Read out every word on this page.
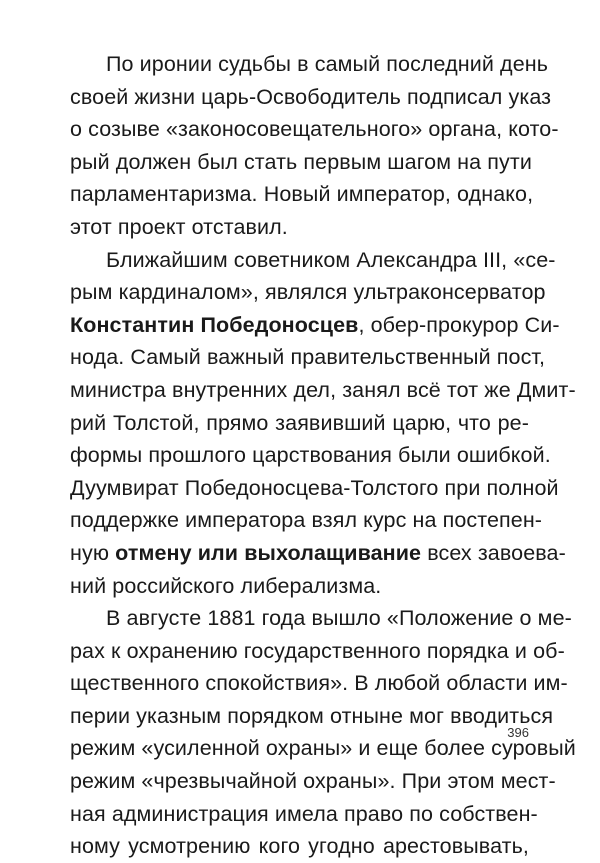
По иронии судьбы в самый последний день
своей жизни царь-Освободитель подписал указ
о созыве «законосовещательного» органа, кото-
рый должен был стать первым шагом на пути
парламентаризма. Новый император, однако,
этот проект отставил.
Ближайшим советником Александра III, «се-
рым кардиналом», являлся ультраконсерватор
Константин Победоносцев, обер-прокурор Си-
нода. Самый важный правительственный пост,
министра внутренних дел, занял всё тот же Дмит-
рий Толстой, прямо заявивший царю, что ре-
формы прошлого царствования были ошибкой.
Дуумвират Победоносцева-Толстого при полной
поддержке императора взял курс на постепен-
ную отмену или выхолащивание всех завоева-
ний российского либерализма.
В августе 1881 года вышло «Положение о ме-
рах к охранению государственного порядка и об-
щественного спокойствия». В любой области им-
перии указным порядком отныне мог вводиться
режим «усиленной охраны» и еще более суровый
режим «чрезвычайной охраны». При этом мест-
ная администрация имела право по собствен-
ному усмотрению кого угодно арестовывать,
396
